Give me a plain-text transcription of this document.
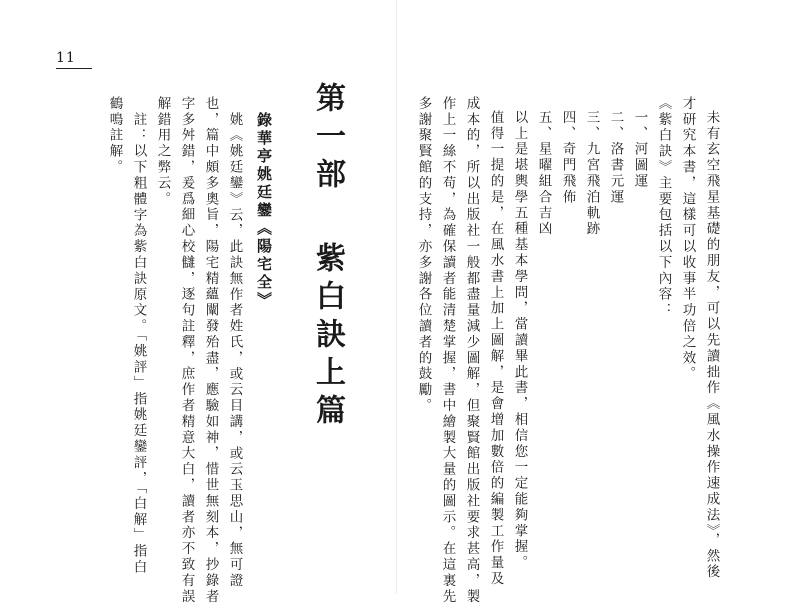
11
第一部紫白訣上篇
錄華亭姚廷鑾《陽宅全》
姚《姚廷鑾》云，此訣無作者姓氏，或云目講，或云玉思山，無可證
也，篇中頗多奧旨，陽宅精蘊闡發殆盡，應驗如神，惜世無刻本，抄錄者
字多舛錯，爰爲細心校讎，逐句註釋，庶作者精意大白，讀者亦不致有誤
解錯用之弊云。
註：以下粗體字為紫白訣原文。「姚評」指姚廷鑾評，「白解」指白
鶴鳴註解。	未有玄空飛星基礎的朋友，可以先讀拙作《風水操作速成法》，然後
才研究本書，這樣可以收事半功倍之效。
《紫白訣》主要包括以下內容：
一、河圖運
二、洛書元運
三、九宮飛泊軌跡
四、奇門飛佈
五、星曜組合吉凶
以上是堪輿學五種基本學問，當讀畢此書，相信您一定能夠掌握。
值得一提的是，在風水書上加上圖解，是會增加數倍的編製工作量及
成本的，所以出版社一般都盡量減少圖解，但聚賢館出版社要求甚高，製
作上一絲不苟，為確保讀者能清楚掌握，書中繪製大量的圖示。在這裏先
多謝聚賢館的支持，亦多謝各位讀者的鼓勵。
